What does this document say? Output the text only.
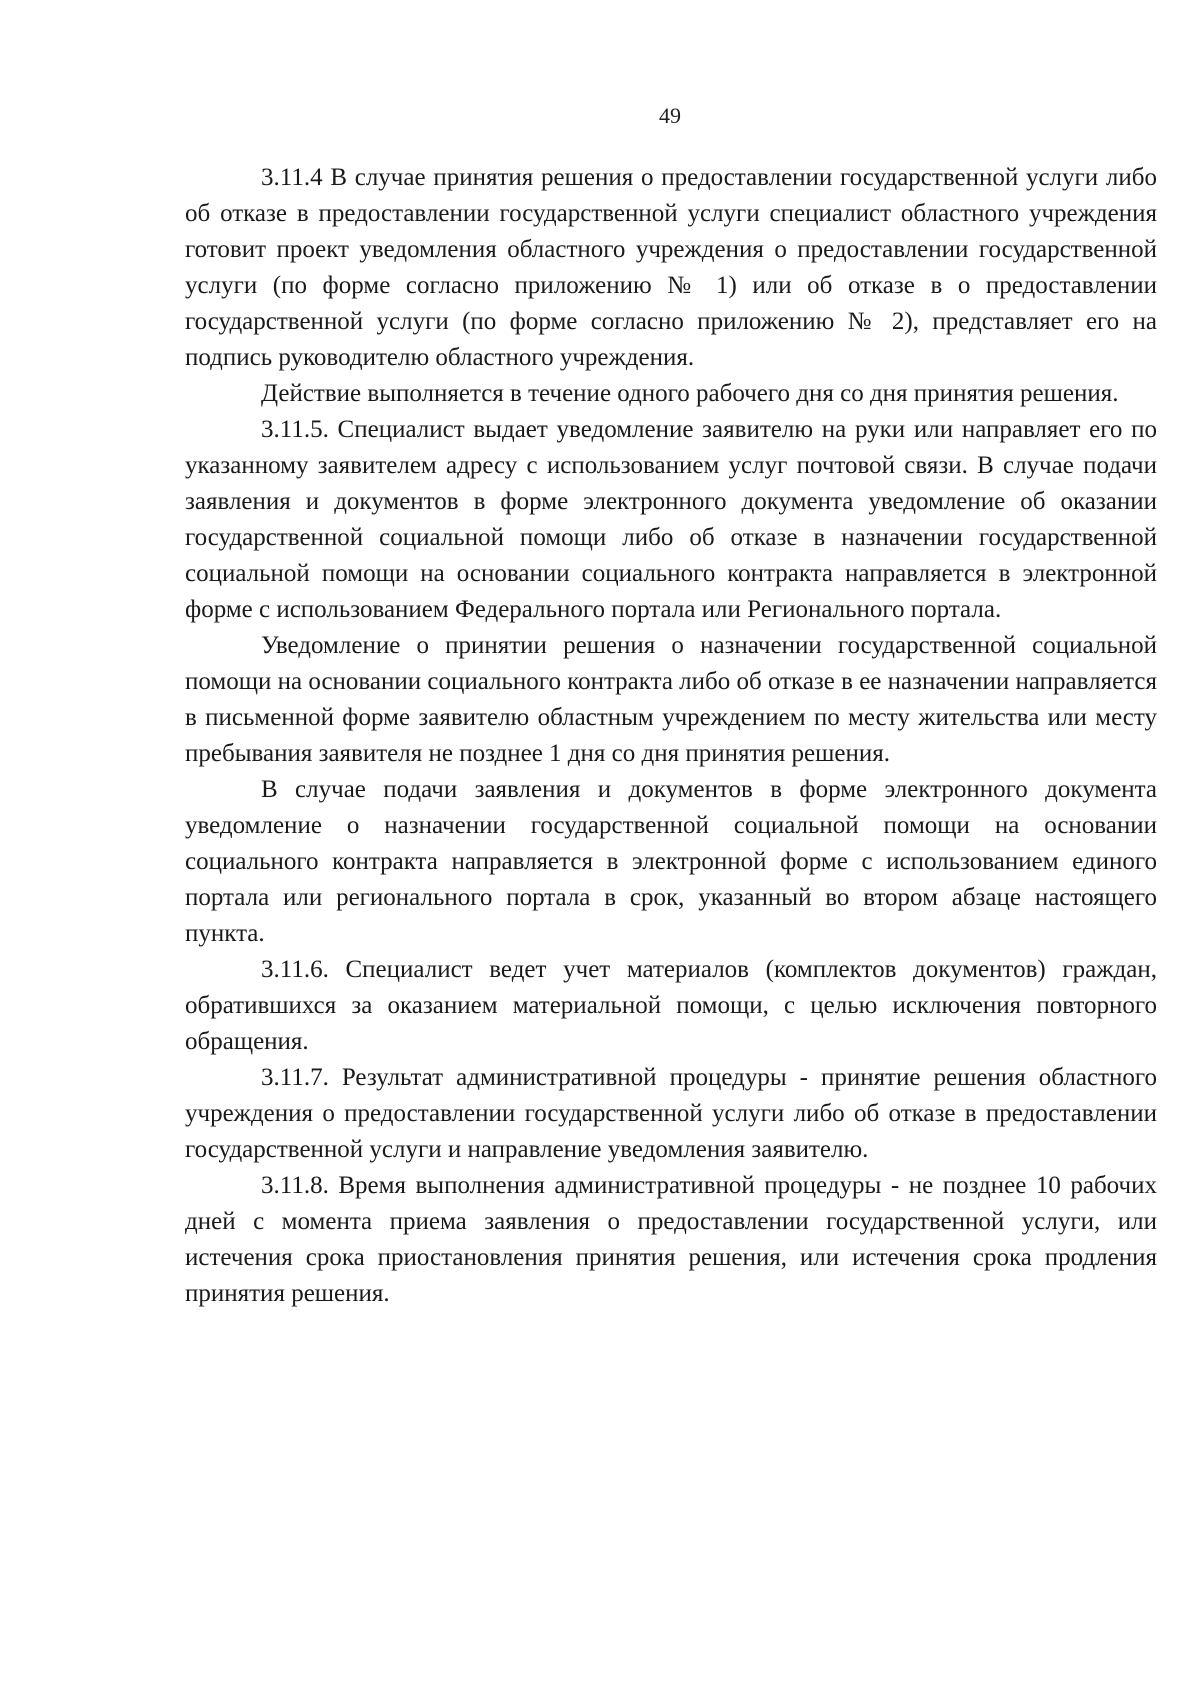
49

3.11.4 В случае принятия решения о предоставлении государственной услуги либо об отказе в предоставлении государственной услуги специалист областного учреждения готовит проект уведомления областного учреждения о предоставлении государственной услуги (по форме согласно приложению № 1) или об отказе в о предоставлении государственной услуги (по форме согласно приложению № 2), представляет его на подпись руководителю областного учреждения.

Действие выполняется в течение одного рабочего дня со дня принятия решения.

3.11.5. Специалист выдает уведомление заявителю на руки или направляет его по указанному заявителем адресу с использованием услуг почтовой связи. В случае подачи заявления и документов в форме электронного документа уведомление об оказании государственной социальной помощи либо об отказе в назначении государственной социальной помощи на основании социального контракта направляется в электронной форме с использованием Федерального портала или Регионального портала.

Уведомление о принятии решения о назначении государственной социальной помощи на основании социального контракта либо об отказе в ее назначении направляется в письменной форме заявителю областным учреждением по месту жительства или месту пребывания заявителя не позднее 1 дня со дня принятия решения.

В случае подачи заявления и документов в форме электронного документа уведомление о назначении государственной социальной помощи на основании социального контракта направляется в электронной форме с использованием единого портала или регионального портала в срок, указанный во втором абзаце настоящего пункта.

3.11.6. Специалист ведет учет материалов (комплектов документов) граждан, обратившихся за оказанием материальной помощи, с целью исключения повторного обращения.

3.11.7. Результат административной процедуры - принятие решения областного учреждения о предоставлении государственной услуги либо об отказе в предоставлении государственной услуги и направление уведомления заявителю.

3.11.8. Время выполнения административной процедуры - не позднее 10 рабочих дней с момента приема заявления о предоставлении государственной услуги, или истечения срока приостановления принятия решения, или истечения срока продления принятия решения.
